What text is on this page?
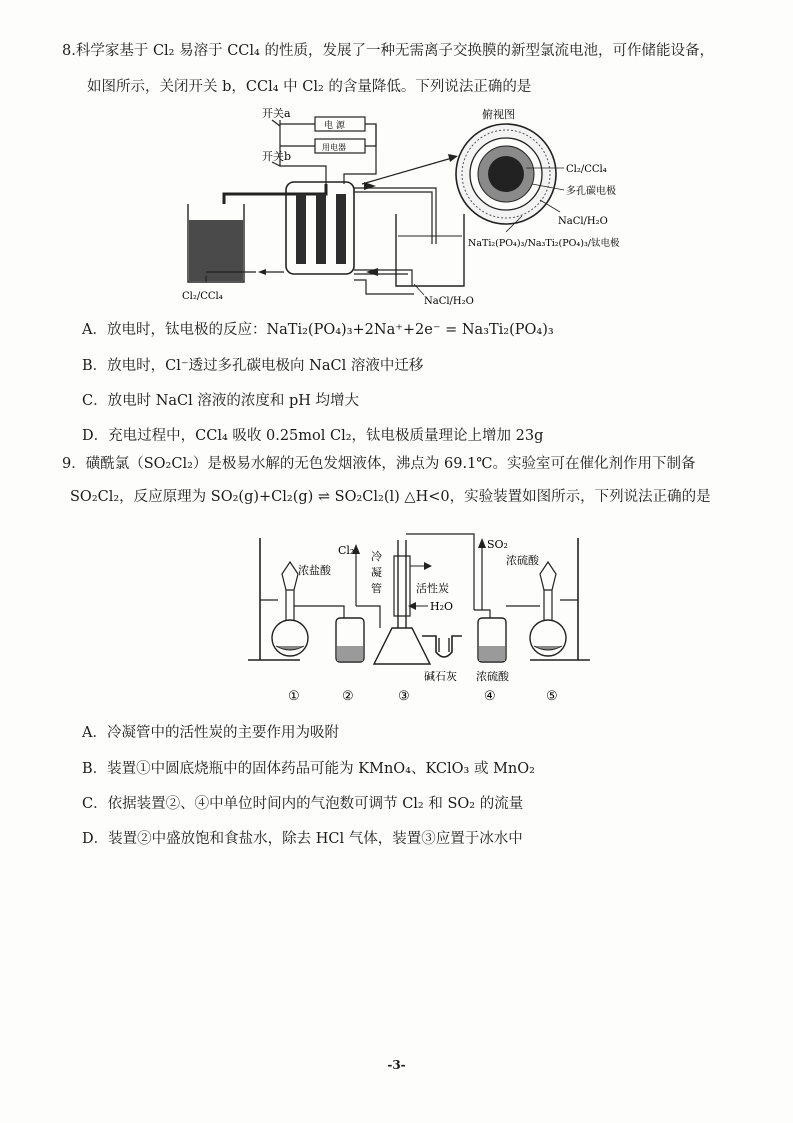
8.科学家基于 Cl₂ 易溶于 CCl₄ 的性质，发展了一种无需离子交换膜的新型氯流电池，可作储能设备，
如图所示，关闭开关 b，CCl₄ 中 Cl₂ 的含量降低。下列说法正确的是
开关a
开关b
电 源
用电器
Cl₂/CCl₄	NaCl/H₂O
俯视图
Cl₂/CCl₄
多孔碳电极
NaCl/H₂O
NaTi₂(PO₄)₃/Na₃Ti₂(PO₄)₃/钛电极
A．放电时，钛电极的反应：NaTi₂(PO₄)₃+2Na⁺+2e⁻ = Na₃Ti₂(PO₄)₃
B．放电时，Cl⁻透过多孔碳电极向 NaCl 溶液中迁移
C．放电时 NaCl 溶液的浓度和 pH 均增大
D．充电过程中，CCl₄ 吸收 0.25mol Cl₂，钛电极质量理论上增加 23g
9．磺酰氯（SO₂Cl₂）是极易水解的无色发烟液体，沸点为 69.1℃。实验室可在催化剂作用下制备
SO₂Cl₂，反应原理为 SO₂(g)+Cl₂(g) ⇌ SO₂Cl₂(l) △H<0，实验装置如图所示，下列说法正确的是
浓盐酸
Cl₂ 冷
凝
管	活性炭
H₂O
碱石灰
SO₂
浓硫酸
浓硫酸
①	②	③	④	⑤
A．冷凝管中的活性炭的主要作用为吸附
B．装置①中圆底烧瓶中的固体药品可能为 KMnO₄、KClO₃ 或 MnO₂
C．依据装置②、④中单位时间内的气泡数可调节 Cl₂ 和 SO₂ 的流量
D．装置②中盛放饱和食盐水，除去 HCl 气体，装置③应置于冰水中
-3-
